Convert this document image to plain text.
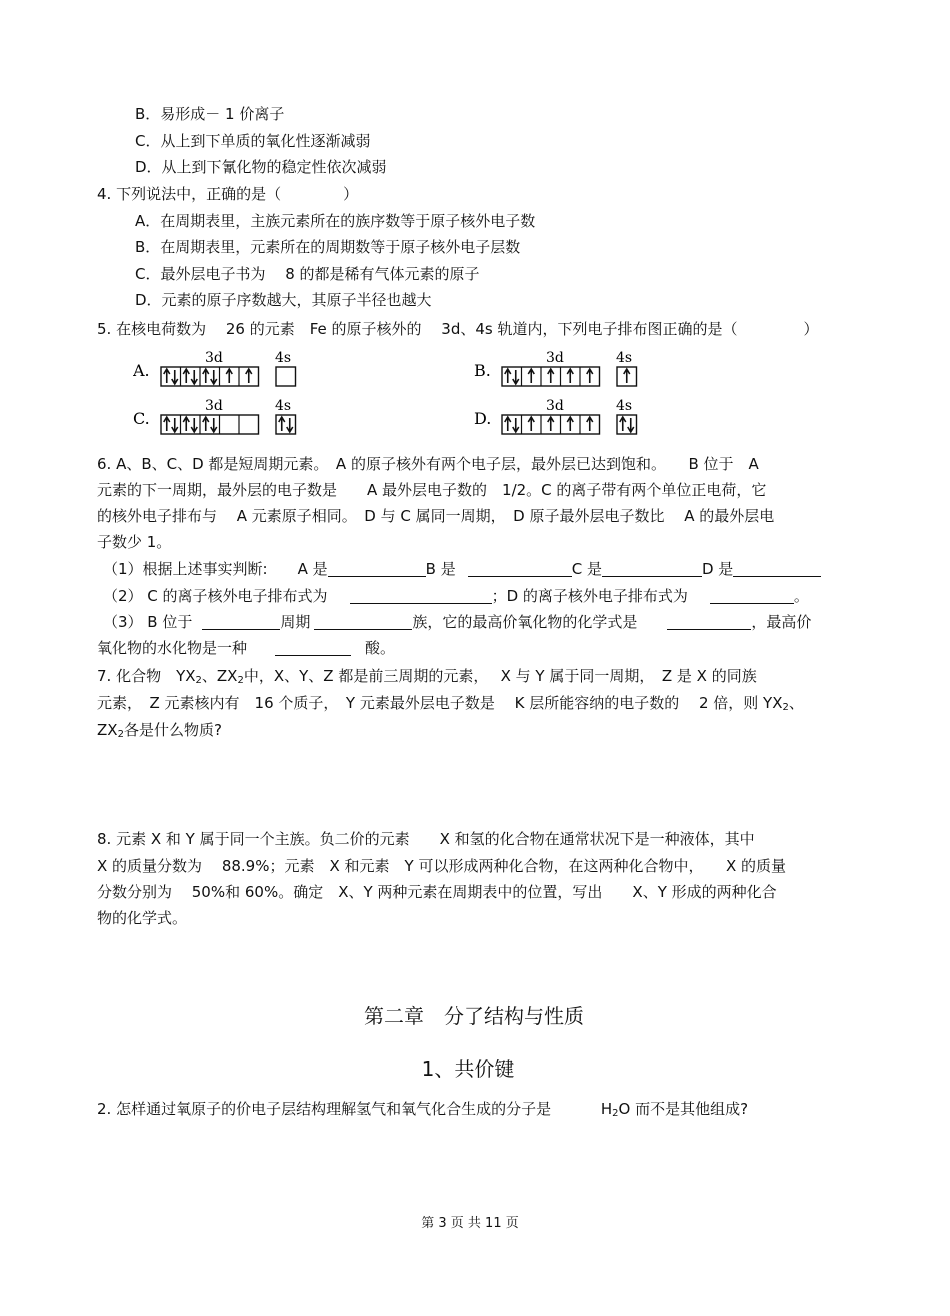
B．易形成－ 1 价离子
C．从上到下单质的氧化性逐渐减弱
D．从上到下氰化物的稳定性依次减弱
4. 下列说法中，正确的是（	）
A．在周期表里，主族元素所在的族序数等于原子核外电子数
B．在周期表里，元素所在的周期数等于原子核外电子层数
C．最外层电子书为　 8 的都是稀有气体元素的原子
D．元素的原子序数越大，其原子半径也越大
5. 在核电荷数为　 26 的元素　Fe 的原子核外的　 3d、4s 轨道内，下列电子排布图正确的是（	）
A.
3d	4s
B.
3d	4s
C.
3d	4s
D.
3d	4s
6. A、B、C、D 都是短周期元素。　A 的原子核外有两个电子层，最外层已达到饱和。　　B 位于　A
元素的下一周期，最外层的电子数是　　A 最外层电子数的　1/2。C 的离子带有两个单位正电荷，它
的核外电子排布与　 A 元素原子相同。　D 与 C 属同一周期，　D 原子最外层电子数比　 A 的最外层电
子数少 1。
（1）根据上述事实判断:　　A 是	B 是	C 是	D 是
（2） C 的离子核外电子排布式为	；D 的离子核外电子排布式为	。
（3） B 位于	周期	族，它的最高价氧化物的化学式是	，最高价
氧化物的水化物是一种	酸。
7. 化合物　$YX_2$、$ZX_2$中，X、Y、Z 都是前三周期的元素，　 X 与 Y 属于同一周期，　Z 是 X 的同族
元素，　Z 元素核内有　16 个质子，　Y 元素最外层电子数是　 K 层所能容纳的电子数的　 2 倍，则 $YX_2$、
$ZX_2$各是什么物质?
8. 元素 X 和 Y 属于同一个主族。负二价的元素　　X 和氢的化合物在通常状况下是一种液体，其中
X 的质量分数为　 88.9%；元素　X 和元素　Y 可以形成两种化合物，在这两种化合物中，　　X 的质量
分数分别为　 50%和 60%。确定　X、Y 两种元素在周期表中的位置，写出　　X、Y 形成的两种化合
物的化学式。
第二章　分了结构与性质
1、共价键
2. 怎样通过氧原子的价电子层结构理解氢气和氧气化合生成的分子是　　　 $H_2O$ 而不是其他组成?
第 3 页 共 11 页
